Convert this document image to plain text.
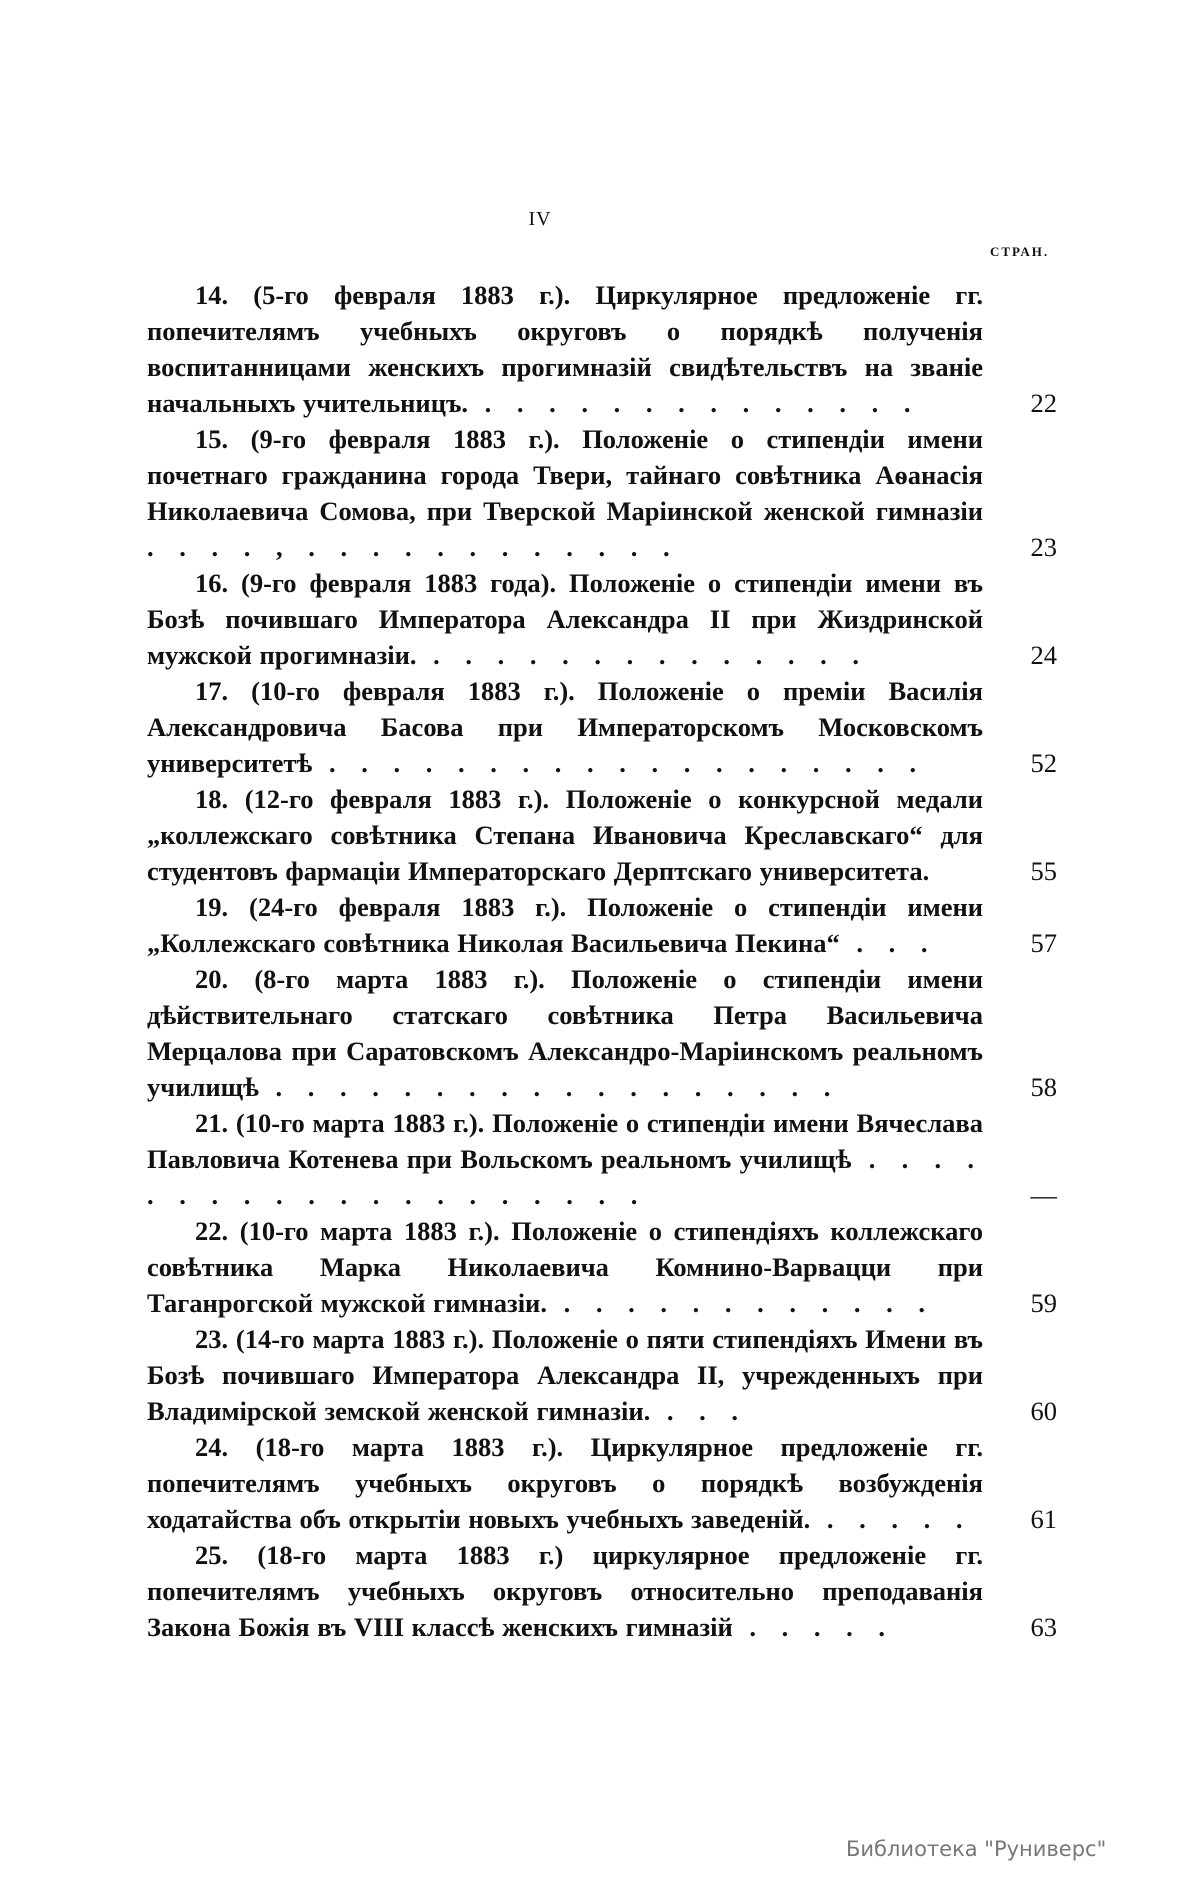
IV
СТРАН.
14. (5-го февраля 1883 г.). Циркулярное предложеніе гг. попечителямъ учебныхъ округовъ о порядкѣ полученія воспитанницами женскихъ прогимназій свидѣтельствъ на званіе начальныхъ учительницъ. . . . . . . . . . . . . . .	22
15. (9-го февраля 1883 г.). Положеніе о стипендіи имени почетнаго гражданина города Твери, тайнаго совѣтника Аѳанасія Николаевича Сомова, при Тверской Маріинской женской гимназіи . . . . , . . . . . . . . . . . .	23
16. (9-го февраля 1883 года). Положеніе о стипендіи имени въ Бозѣ почившаго Императора Александра II при Жиздринской мужской прогимназіи. . . . . . . . . . . . . . .	24
17. (10-го февраля 1883 г.). Положеніе о преміи Василія Александровича Басова при Императорскомъ Московскомъ университетѣ . . . . . . . . . . . . . . . . . . .	52
18. (12-го февраля 1883 г.). Положеніе о конкурсной медали „коллежскаго совѣтника Степана Ивановича Креславскаго“ для студентовъ фармаціи Императорскаго Дерптскаго университета.	55
19. (24-го февраля 1883 г.). Положеніе о стипендіи имени „Коллежскаго совѣтника Николая Васильевича Пекина“ . . .	57
20. (8-го марта 1883 г.). Положеніе о стипендіи имени дѣйствительнаго статскаго совѣтника Петра Васильевича Мерцалова при Саратовскомъ Александро-Маріинскомъ реальномъ училищѣ . . . . . . . . . . . . . . . . . .	58
21. (10-го марта 1883 г.). Положеніе о стипендіи имени Вячеслава Павловича Котенева при Вольскомъ реальномъ училищѣ . . . . . . . . . . . . . . . . . . . .	—
22. (10-го марта 1883 г.). Положеніе о стипендіяхъ коллежскаго совѣтника Марка Николаевича Комнино-Варвацци при Таганрогской мужской гимназіи. . . . . . . . . . . . .	59
23. (14-го марта 1883 г.). Положеніе о пяти стипендіяхъ Имени въ Бозѣ почившаго Императора Александра II, учрежденныхъ при Владимірской земской женской гимназіи. . . .	60
24. (18-го марта 1883 г.). Циркулярное предложеніе гг. попечителямъ учебныхъ округовъ о порядкѣ возбужденія ходатайства объ открытіи новыхъ учебныхъ заведеній. . . . . .	61
25. (18-го марта 1883 г.) циркулярное предложеніе гг. попечителямъ учебныхъ округовъ относительно преподаванія Закона Божія въ VIII классѣ женскихъ гимназій . . . . .	63
Библиотека "Руниверс"
